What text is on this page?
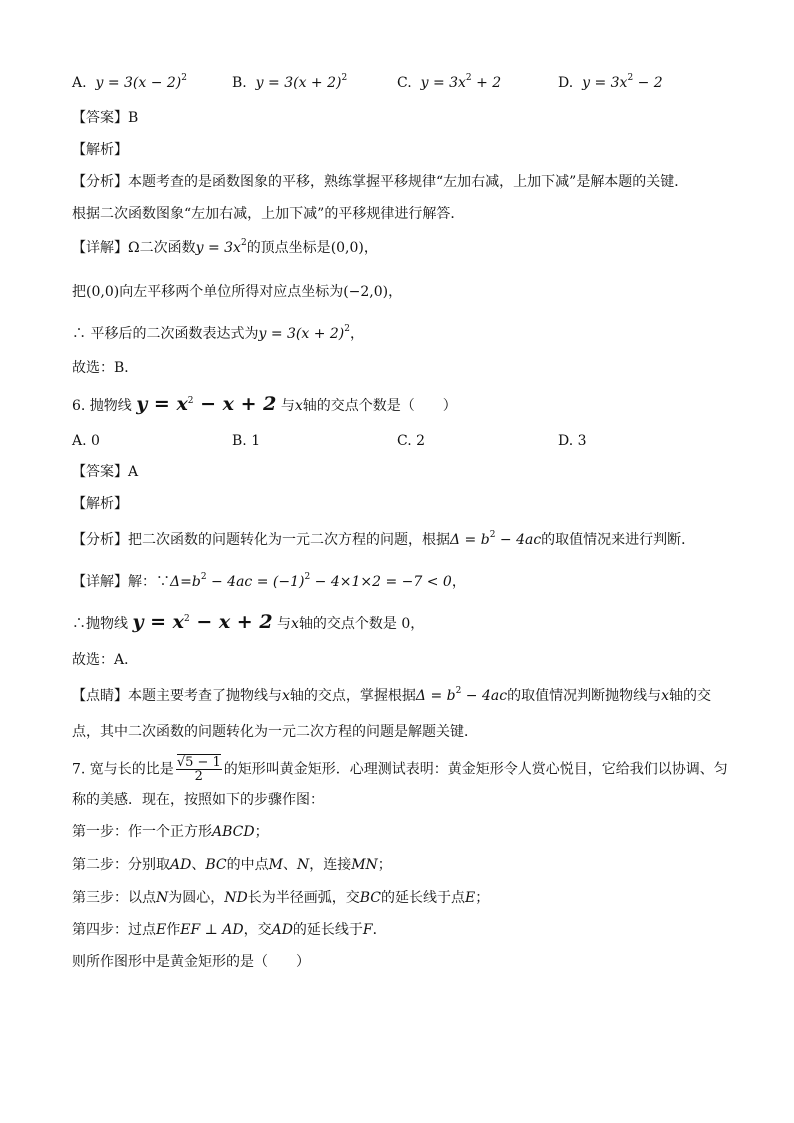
A. $y = 3(x - 2)^2$	B. $y = 3(x + 2)^2$	C. $y = 3x^2 + 2$	D. $y = 3x^2 - 2$
【答案】B
【解析】
【分析】本题考查的是函数图象的平移，熟练掌握平移规律“左加右减，上加下减”是解本题的关键．
根据二次函数图象“左加右减，上加下减”的平移规律进行解答．
【详解】Ω二次函数$y = 3x^2$的顶点坐标是(0,0)，
把(0,0)向左平移两个单位所得对应点坐标为(−2,0)，
∴ 平移后的二次函数表达式为$y = 3(x + 2)^2$，
故选：B．
6. 抛物线 $y = x^2 - x + 2$ 与x轴的交点个数是（　　）
A. 0	B. 1	C. 2	D. 3
【答案】A
【解析】
【分析】把二次函数的问题转化为一元二次方程的问题，根据$\Delta = b^2 - 4ac$的取值情况来进行判断．
【详解】解：$\because\Delta=b^2 - 4ac = (-1)^2 - 4\times 1\times 2 = -7 < 0$，
∴抛物线 $y = x^2 - x + 2$ 与x轴的交点个数是 0，
故选：A．
【点睛】本题主要考查了抛物线与x轴的交点，掌握根据$\Delta = b^2 - 4ac$的取值情况判断抛物线与x轴的交
点，其中二次函数的问题转化为一元二次方程的问题是解题关键．
7. 宽与长的比是 $\frac{√5 - 1}{2}$ 的矩形叫黄金矩形．心理测试表明：黄金矩形令人赏心悦目，它给我们以协调、匀
称的美感．现在，按照如下的步骤作图：
第一步：作一个正方形ABCD；
第二步：分别取AD、BC的中点M、N，连接MN；
第三步：以点N为圆心，ND长为半径画弧，交BC的延长线于点E；
第四步：过点E作EF ⊥ AD，交AD的延长线于F．
则所作图形中是黄金矩形的是（　　）
